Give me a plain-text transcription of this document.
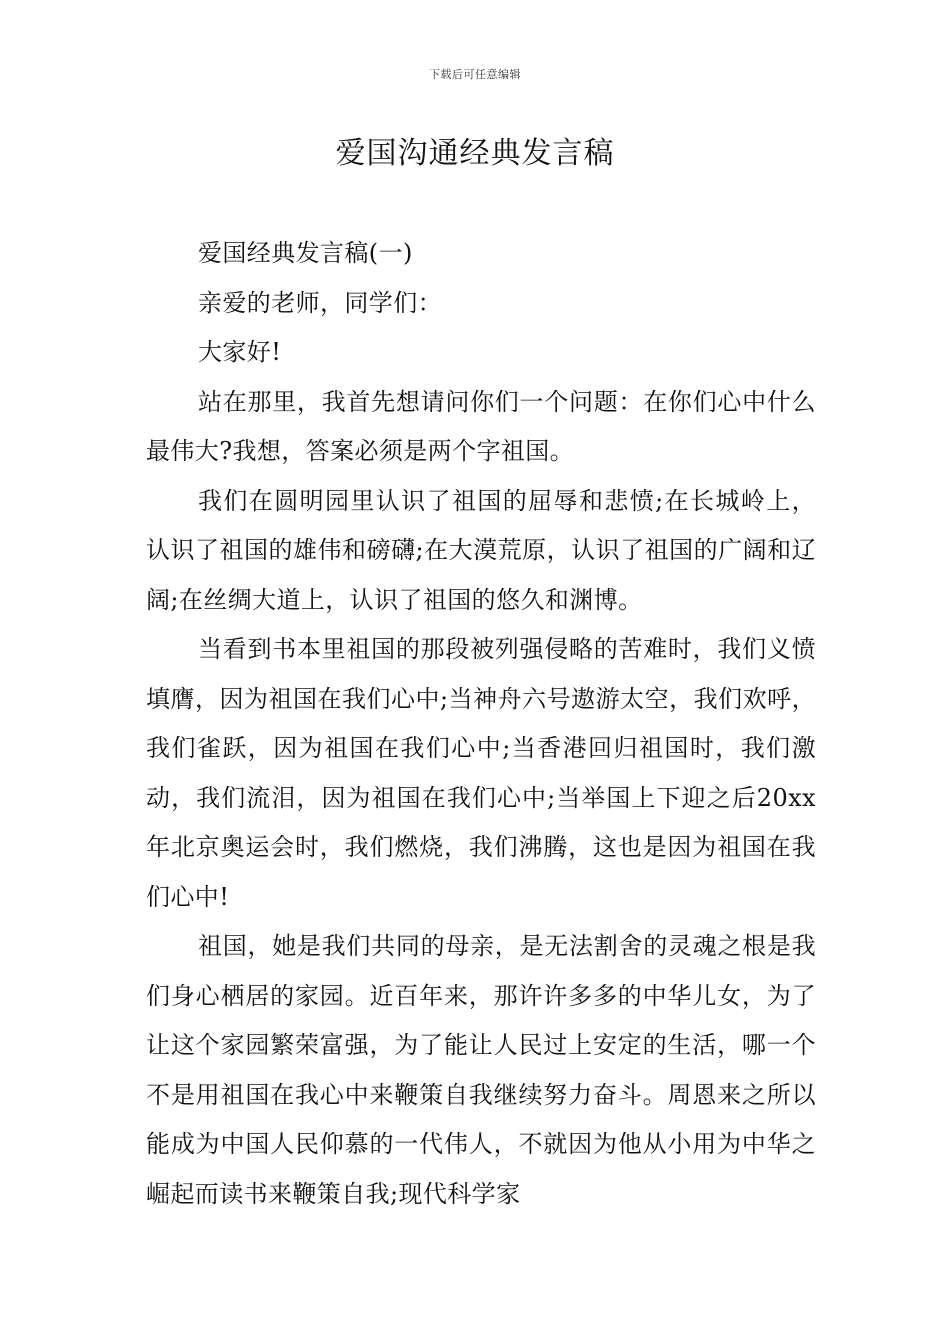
下载后可任意编辑
爱国沟通经典发言稿

爱国经典发言稿(一)

亲爱的老师，同学们：

大家好!

站在那里，我首先想请问你们一个问题：在你们心中什么最伟大?我想，答案必须是两个字祖国。

我们在圆明园里认识了祖国的屈辱和悲愤;在长城岭上，认识了祖国的雄伟和磅礴;在大漠荒原，认识了祖国的广阔和辽阔;在丝绸大道上，认识了祖国的悠久和渊博。

当看到书本里祖国的那段被列强侵略的苦难时，我们义愤填膺，因为祖国在我们心中;当神舟六号遨游太空，我们欢呼，我们雀跃，因为祖国在我们心中;当香港回归祖国时，我们激动，我们流泪，因为祖国在我们心中;当举国上下迎之后20xx年北京奥运会时，我们燃烧，我们沸腾，这也是因为祖国在我们心中!

祖国，她是我们共同的母亲，是无法割舍的灵魂之根是我们身心栖居的家园。近百年来，那许许多多的中华儿女，为了让这个家园繁荣富强，为了能让人民过上安定的生活，哪一个不是用祖国在我心中来鞭策自我继续努力奋斗。周恩来之所以能成为中国人民仰慕的一代伟人，不就因为他从小用为中华之崛起而读书来鞭策自我;现代科学家
